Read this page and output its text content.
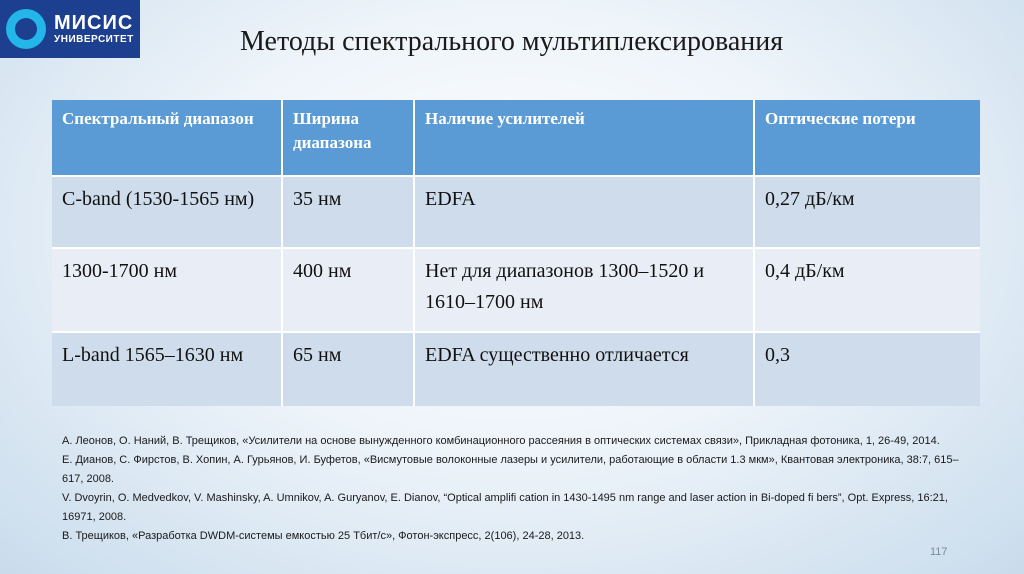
МИСИС
УНИВЕРСИТЕТ	Методы спектрального мультиплексирования
Спектральный диапазон	Ширина диапазона	Наличие усилителей	Оптические потери
C-band (1530-1565 нм)	35 нм	EDFA	0,27 дБ/км
1300-1700 нм	400 нм	Нет для диапазонов 1300–1520 и 1610–1700 нм	0,4 дБ/км
L-band 1565–1630 нм	65 нм	EDFA существенно отличается	0,3

А. Леонов, О. Наний, В. Трещиков, «Усилители на основе вынужденного комбинационного рассеяния в оптических системах связи», Прикладная фотоника, 1, 26-49, 2014.

Е. Дианов, С. Фирстов, В. Хопин, А. Гурьянов, И. Буфетов, «Висмутовые волоконные лазеры и усилители, работающие в области 1.3 мкм», Квантовая электроника, 38:7, 615–617, 2008.

V. Dvoyrin, O. Medvedkov, V. Mashinsky, A. Umnikov, A. Guryanov, E. Dianov, “Optical amplifi cation in 1430-1495 nm range and laser action in Bi-doped fi bers”, Opt. Express, 16:21, 16971, 2008.

В. Трещиков, «Разработка DWDM-системы емкостью 25 Тбит/с», Фотон-экспресс, 2(106), 24-28, 2013.

117
